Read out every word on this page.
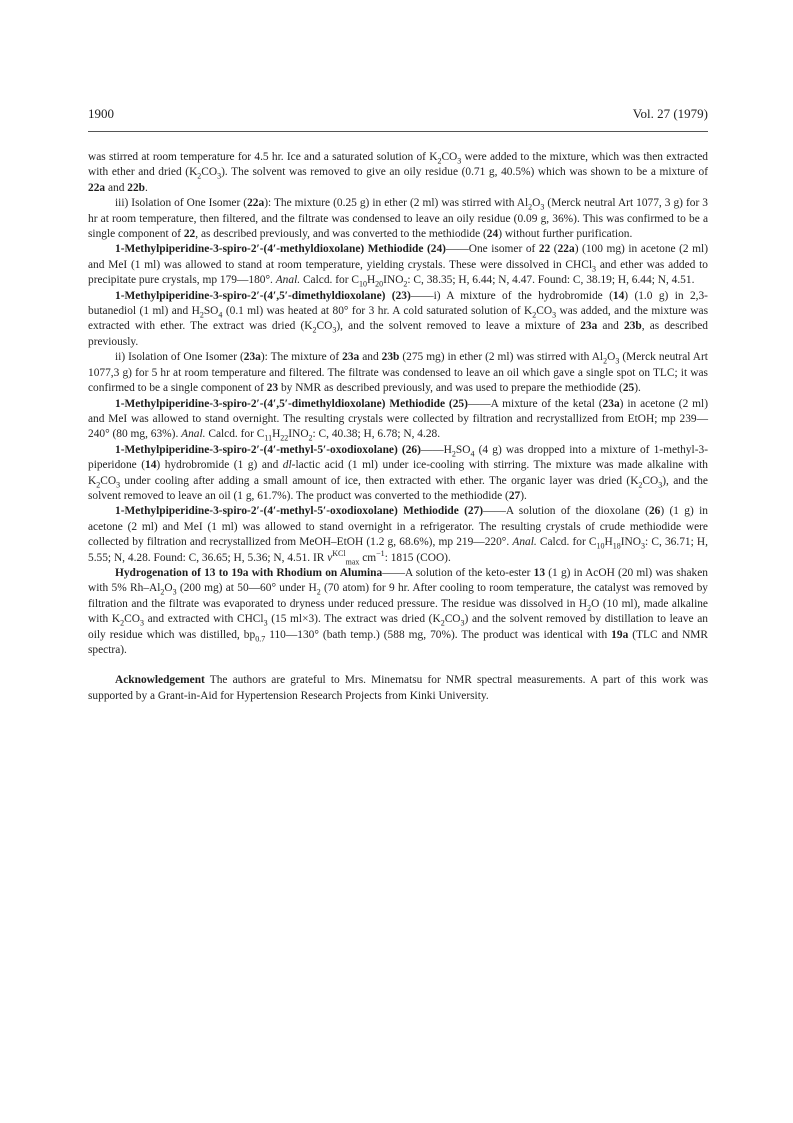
1900	Vol. 27 (1979)

was stirred at room temperature for 4.5 hr. Ice and a saturated solution of $K_2CO_3$ were added to the mixture, which was then extracted with ether and dried $(K_2CO_3)$. The solvent was removed to give an oily residue (0.71 g, 40.5%) which was shown to be a mixture of 22a and 22b.

iii) Isolation of One Isomer (22a): The mixture (0.25 g) in ether (2 ml) was stirred with $Al_2O_3$ (Merck neutral Art 1077, 3 g) for 3 hr at room temperature, then filtered, and the filtrate was condensed to leave an oily residue (0.09 g, 36%). This was confirmed to be a single component of 22, as described previously, and was converted to the methiodide (24) without further purification.

1-Methylpiperidine-3-spiro-2′-(4′-methyldioxolane) Methiodide (24)——One isomer of 22 (22a) (100 mg) in acetone (2 ml) and MeI (1 ml) was allowed to stand at room temperature, yielding crystals. These were dissolved in CHCl$_3$ and ether was added to precipitate pure crystals, mp 179—180°. Anal. Calcd. for $C_{10}H_{20}INO_2$: C, 38.35; H, 6.44; N, 4.47. Found: C, 38.19; H, 6.44; N, 4.51.

1-Methylpiperidine-3-spiro-2′-(4′,5′-dimethyldioxolane) (23)——i) A mixture of the hydrobromide (14) (1.0 g) in 2,3-butanediol (1 ml) and $H_2SO_4$ (0.1 ml) was heated at 80° for 3 hr. A cold saturated solution of $K_2CO_3$ was added, and the mixture was extracted with ether. The extract was dried $(K_2CO_3)$, and the solvent removed to leave a mixture of 23a and 23b, as described previously.

ii) Isolation of One Isomer (23a): The mixture of 23a and 23b (275 mg) in ether (2 ml) was stirred with $Al_2O_3$ (Merck neutral Art 1077,3 g) for 5 hr at room temperature and filtered. The filtrate was condensed to leave an oil which gave a single spot on TLC; it was confirmed to be a single component of 23 by NMR as described previously, and was used to prepare the methiodide (25).

1-Methylpiperidine-3-spiro-2′-(4′,5′-dimethyldioxolane) Methiodide (25)——A mixture of the ketal (23a) in acetone (2 ml) and MeI was allowed to stand overnight. The resulting crystals were collected by filtration and recrystallized from EtOH; mp 239—240° (80 mg, 63%). Anal. Calcd. for $C_{11}H_{22}INO_2$: C, 40.38; H, 6.78; N, 4.28.

1-Methylpiperidine-3-spiro-2′-(4′-methyl-5′-oxodioxolane) $(26)——H_2SO_4$ (4 g) was dropped into a mixture of 1-methyl-3-piperidone (14) hydrobromide (1 g) and dl-lactic acid (1 ml) under ice-cooling with stirring. The mixture was made alkaline with $K_2CO_3$ under cooling after adding a small amount of ice, then extracted with ether. The organic layer was dried $(K_2CO_3)$, and the solvent removed to leave an oil (1 g, 61.7%). The product was converted to the methiodide (27).

1-Methylpiperidine-3-spiro-2′-(4′-methyl-5′-oxodioxolane) Methiodide (27)——A solution of the dioxolane (26) (1 g) in acetone (2 ml) and MeI (1 ml) was allowed to stand overnight in a refrigerator. The resulting crystals of crude methiodide were collected by filtration and recrystallized from MeOH–EtOH (1.2 g, 68.6%), mp 219—220°. Anal. Calcd. for $C_{10}H_{18}INO_3$: C, 36.71; H, 5.55; N, 4.28. Found: C, 36.65; H, 5.36; N, 4.51. IR $\nu^{KCl}_{max}$ $cm^{-1}$: 1815 (COO).

Hydrogenation of 13 to 19a with Rhodium on Alumina——A solution of the keto-ester 13 (1 g) in AcOH (20 ml) was shaken with 5% $Rh-Al_2O_3$ (200 mg) at 50—60° under $H_2$ (70 atom) for 9 hr. After cooling to room temperature, the catalyst was removed by filtration and the filtrate was evaporated to dryness under reduced pressure. The residue was dissolved in $H_2O$ (10 ml), made alkaline with $K_2CO_3$ and extracted with CHCl$_3$ (15 ml×3). The extract was dried $(K_2CO_3)$ and the solvent removed by distillation to leave an oily residue which was distilled, $bp_{0.7}$ 110—130° (bath temp.) (588 mg, 70%). The product was identical with 19a (TLC and NMR spectra).

Acknowledgement The authors are grateful to Mrs. Minematsu for NMR spectral measurements. A part of this work was supported by a Grant-in-Aid for Hypertension Research Projects from Kinki University.
